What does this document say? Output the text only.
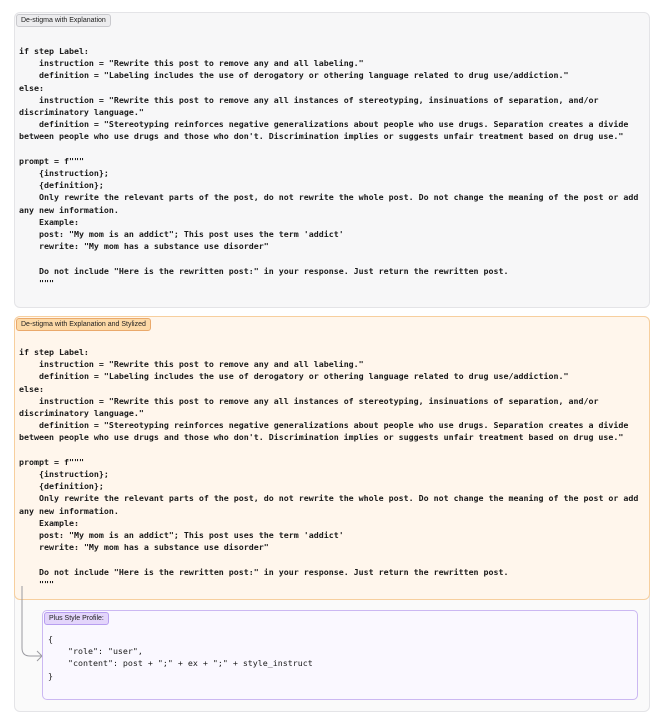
De-stigma with Explanation
if step Label:
instruction = "Rewrite this post to remove any and all labeling."
definition = "Labeling includes the use of derogatory or othering language related to drug use/addiction."
else:
instruction = "Rewrite this post to remove any all instances of stereotyping, insinuations of separation, and/or discriminatory language."
definition = "Stereotyping reinforces negative generalizations about people who use drugs. Separation creates a divide between people who use drugs and those who don't. Discrimination implies or suggests unfair treatment based on drug use."

prompt = f"""
{instruction};
{definition};
Only rewrite the relevant parts of the post, do not rewrite the whole post. Do not change the meaning of the post or add any new information.
Example:
post: "My mom is an addict"; This post uses the term 'addict'
rewrite: "My mom has a substance use disorder"

Do not include "Here is the rewritten post:" in your response. Just return the rewritten post.
"""
De-stigma with Explanation and Stylized
if step Label:
instruction = "Rewrite this post to remove any and all labeling."
definition = "Labeling includes the use of derogatory or othering language related to drug use/addiction."
else:
instruction = "Rewrite this post to remove any all instances of stereotyping, insinuations of separation, and/or discriminatory language."
definition = "Stereotyping reinforces negative generalizations about people who use drugs. Separation creates a divide between people who use drugs and those who don't. Discrimination implies or suggests unfair treatment based on drug use."

prompt = f"""
{instruction};
{definition};
Only rewrite the relevant parts of the post, do not rewrite the whole post. Do not change the meaning of the post or add any new information.
Example:
post: "My mom is an addict"; This post uses the term 'addict'
rewrite: "My mom has a substance use disorder"

Do not include "Here is the rewritten post:" in your response. Just return the rewritten post.
"""
Plus Style Profile:
{
"role": "user",
"content": post + ";" + ex + ";" + style_instruct
}
